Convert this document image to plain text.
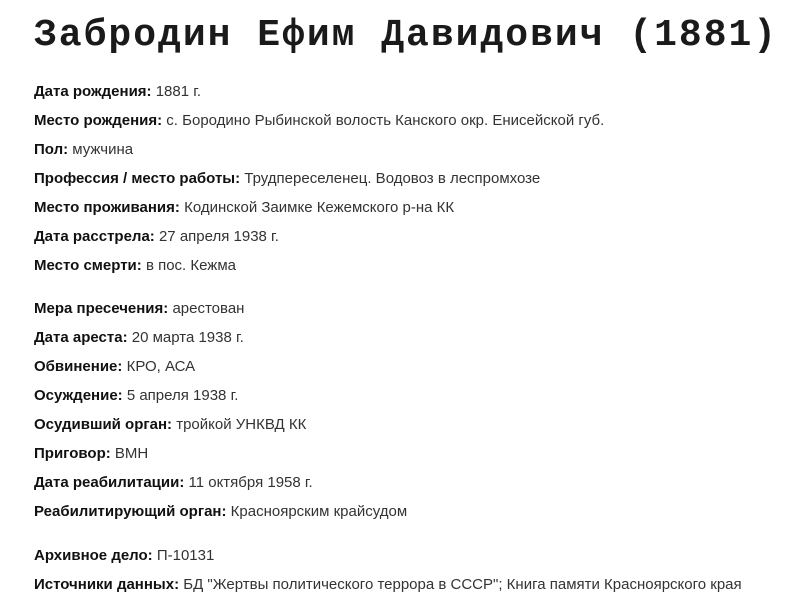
Забродин Ефим Давидович (1881)
Дата рождения: 1881 г.
Место рождения: с. Бородино Рыбинской волость Канского окр. Енисейской губ.
Пол: мужчина
Профессия / место работы: Трудпереселенец. Водовоз в леспромхозе
Место проживания: Кодинской Заимке Кежемского р-на КК
Дата расстрела: 27 апреля 1938 г.
Место смерти: в пос. Кежма
Мера пресечения: арестован
Дата ареста: 20 марта 1938 г.
Обвинение: КРО, АСА
Осуждение: 5 апреля 1938 г.
Осудивший орган: тройкой УНКВД КК
Приговор: ВМН
Дата реабилитации: 11 октября 1958 г.
Реабилитирующий орган: Красноярским крайсудом
Архивное дело: П-10131
Источники данных: БД "Жертвы политического террора в СССР"; Книга памяти Красноярского края
